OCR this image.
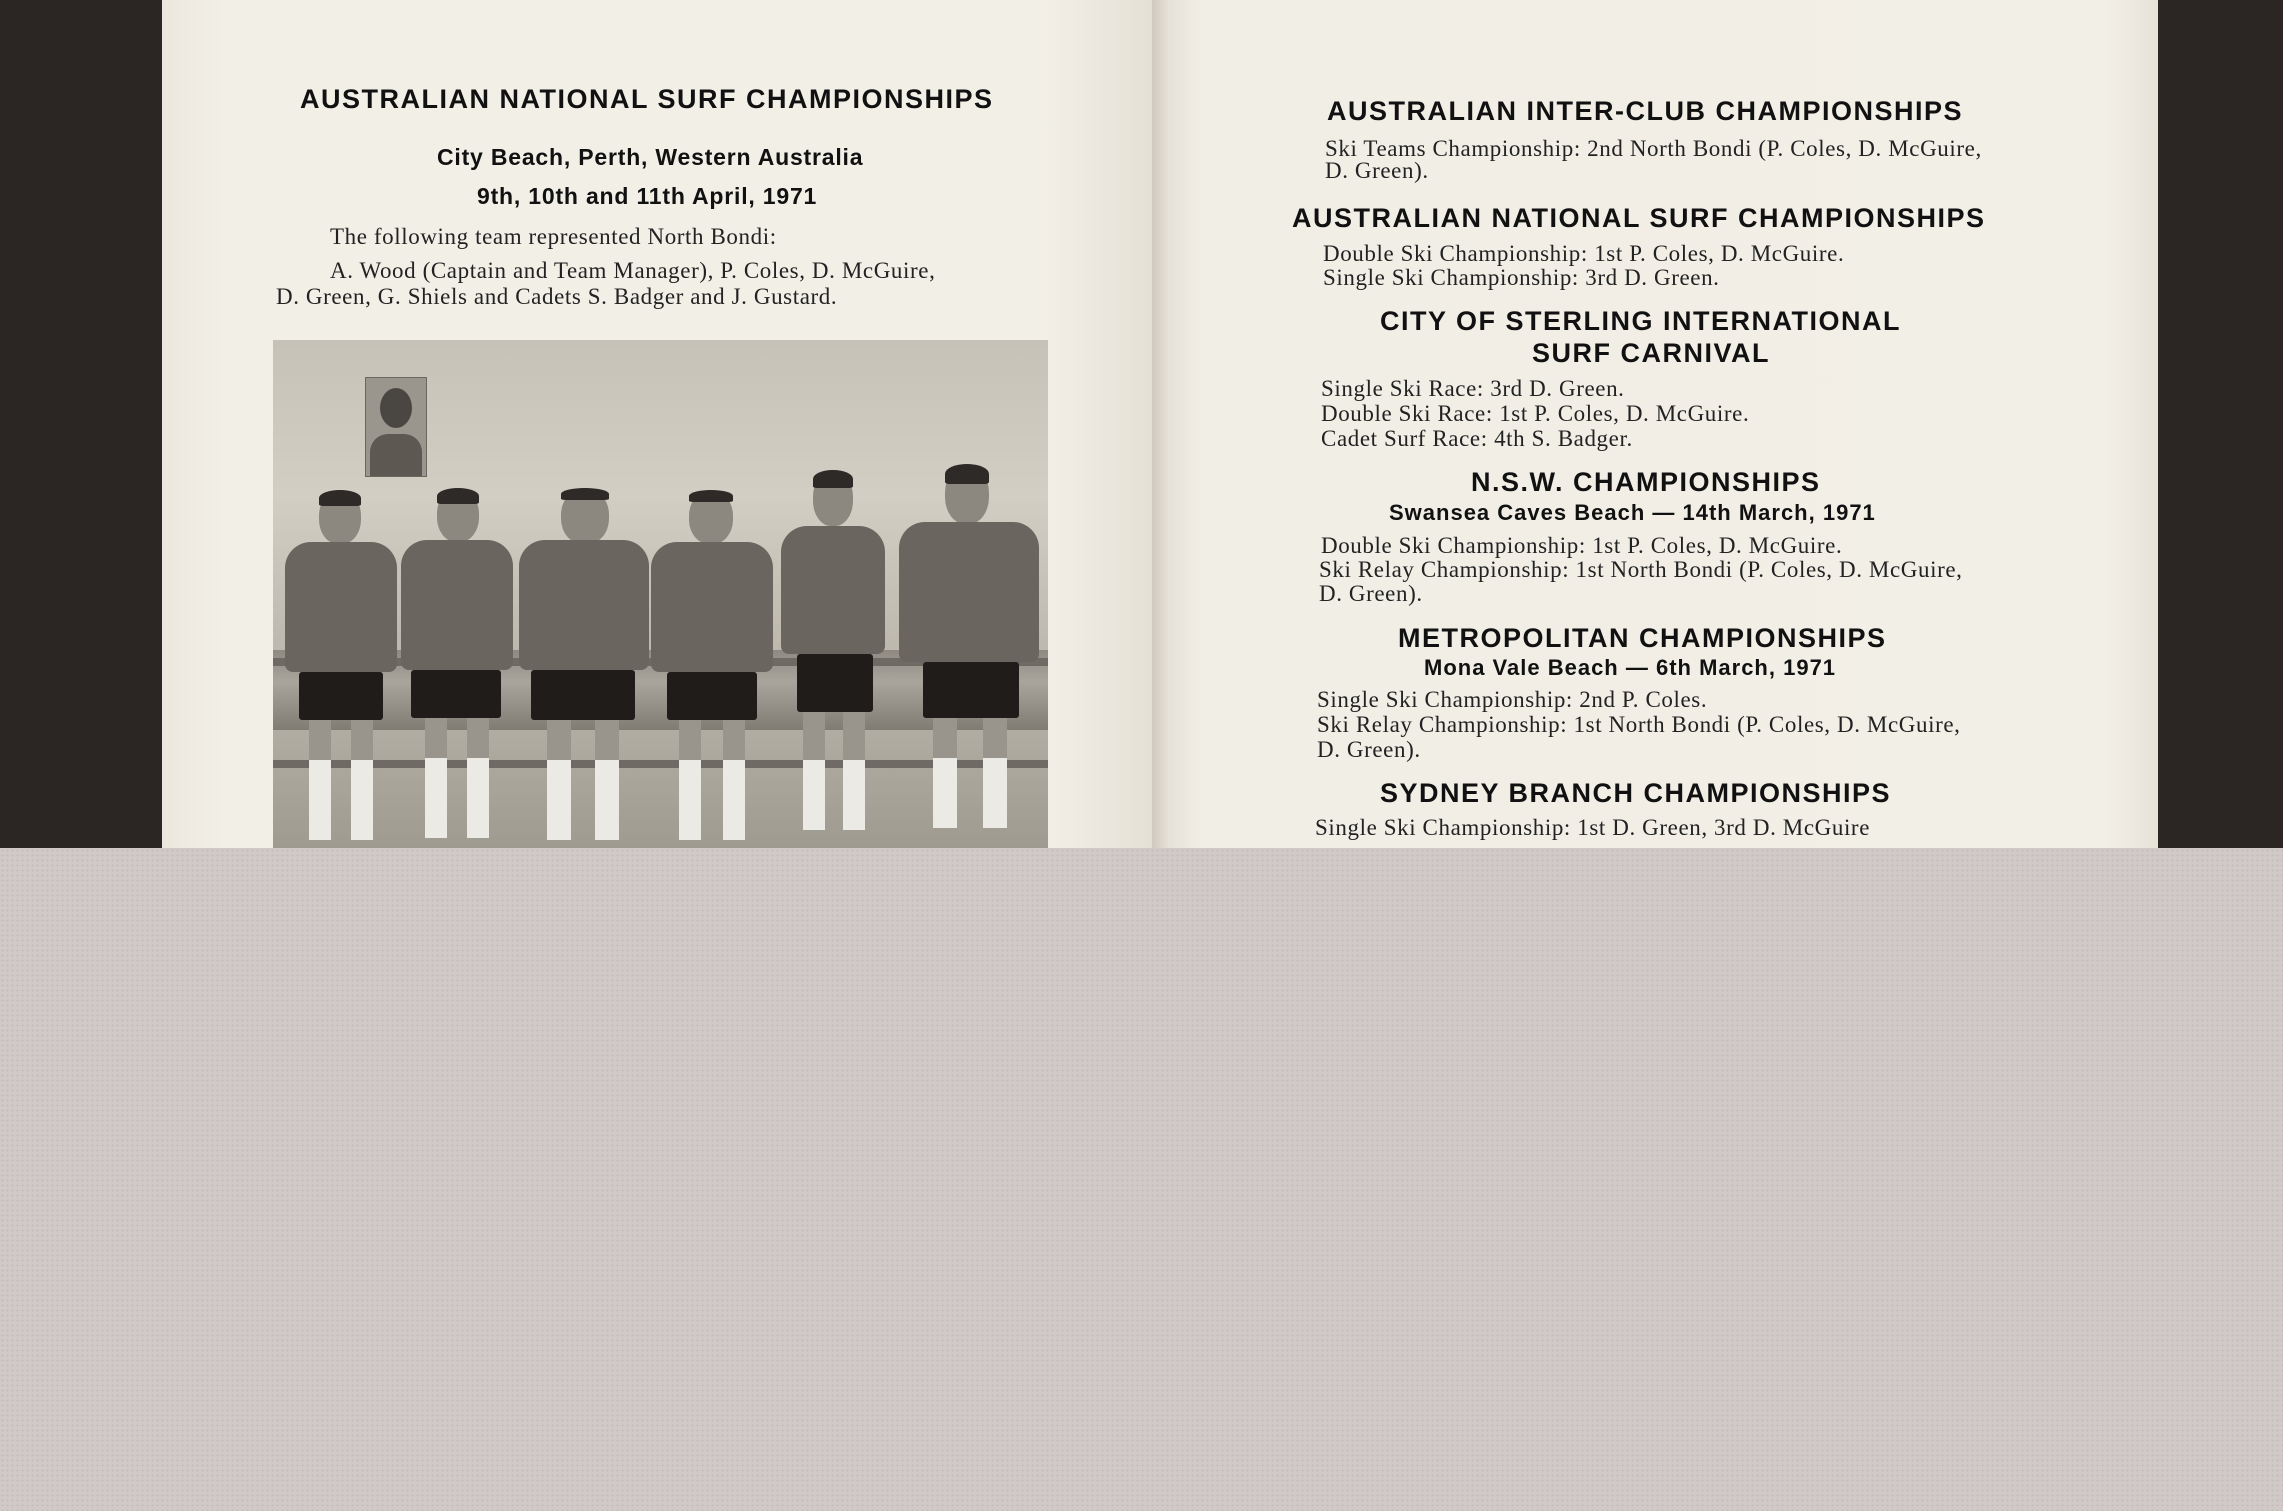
AUSTRALIAN NATIONAL SURF CHAMPIONSHIPS
City Beach, Perth, Western Australia
9th, 10th and 11th April, 1971
The following team represented North Bondi:
A. Wood (Captain and Team Manager), P. Coles, D. McGuire,
D. Green, G. Shiels and Cadets S. Badger and J. Gustard.
AUSTRALIAN INTER-CLUB CHAMPIONSHIPS
Ski Teams Championship: 2nd North Bondi (P. Coles, D. McGuire,
D. Green).
AUSTRALIAN NATIONAL SURF CHAMPIONSHIPS
Double Ski Championship: 1st P. Coles, D. McGuire.
Single Ski Championship: 3rd D. Green.
CITY OF STERLING INTERNATIONAL
SURF CARNIVAL
Single Ski Race: 3rd D. Green.
Double Ski Race: 1st P. Coles, D. McGuire.
Cadet Surf Race: 4th S. Badger.
N.S.W. CHAMPIONSHIPS
Swansea Caves Beach — 14th March, 1971
Double Ski Championship: 1st P. Coles, D. McGuire.
Ski Relay Championship: 1st North Bondi (P. Coles, D. McGuire,
D. Green).
METROPOLITAN CHAMPIONSHIPS
Mona Vale Beach — 6th March, 1971
Single Ski Championship: 2nd P. Coles.
Ski Relay Championship: 1st North Bondi (P. Coles, D. McGuire,
D. Green).
SYDNEY BRANCH CHAMPIONSHIPS
Single Ski Championship: 1st D. Green, 3rd D. McGuire
